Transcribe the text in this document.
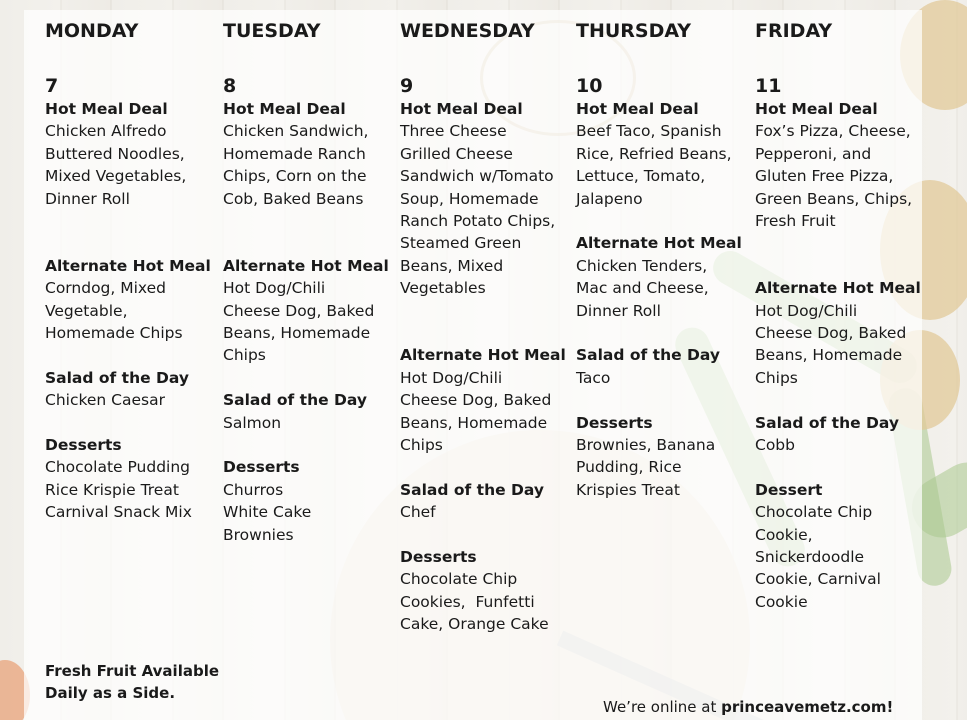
MONDAY

7

Hot Meal Deal

Chicken Alfredo

Buttered Noodles,

Mixed Vegetables,

Dinner Roll

Alternate Hot Meal

Corndog, Mixed

Vegetable,

Homemade Chips

Salad of the Day

Chicken Caesar

Desserts

Chocolate Pudding

Rice Krispie Treat

Carnival Snack Mix

TUESDAY

8

Hot Meal Deal

Chicken Sandwich,

Homemade Ranch

Chips, Corn on the

Cob, Baked Beans

Alternate Hot Meal

Hot Dog/Chili

Cheese Dog, Baked

Beans, Homemade

Chips

Salad of the Day

Salmon

Desserts

Churros

White Cake

Brownies

WEDNESDAY

9

Hot Meal Deal

Three Cheese

Grilled Cheese

Sandwich w/Tomato

Soup, Homemade

Ranch Potato Chips,

Steamed Green

Beans, Mixed

Vegetables

Alternate Hot Meal

Hot Dog/Chili

Cheese Dog, Baked

Beans, Homemade

Chips

Salad of the Day

Chef

Desserts

Chocolate Chip

Cookies,  Funfetti

Cake, Orange Cake

THURSDAY

10

Hot Meal Deal

Beef Taco, Spanish

Rice, Refried Beans,

Lettuce, Tomato,

Jalapeno

Alternate Hot Meal

Chicken Tenders,

Mac and Cheese,

Dinner Roll

Salad of the Day

Taco

Desserts

Brownies, Banana

Pudding, Rice

Krispies Treat

FRIDAY

11

Hot Meal Deal

Fox’s Pizza, Cheese,

Pepperoni, and

Gluten Free Pizza,

Green Beans, Chips,

Fresh Fruit

Alternate Hot Meal

Hot Dog/Chili

Cheese Dog, Baked

Beans, Homemade

Chips

Salad of the Day

Cobb

Dessert

Chocolate Chip

Cookie,

Snickerdoodle

Cookie, Carnival

Cookie

Fresh Fruit Available

Daily as a Side.

We’re online at princeavemetz.com!
